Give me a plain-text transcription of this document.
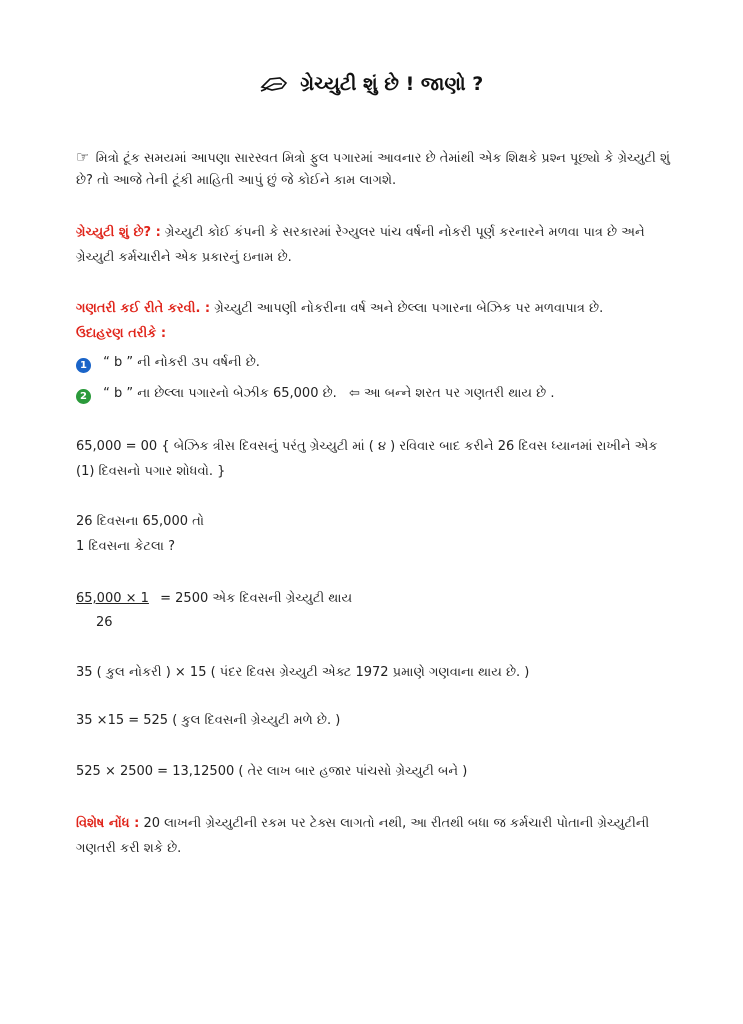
ગ્રેચ્યુટી શું છે ! જાણો ?
☞ મિત્રો ટૂંક સમયમાં આપણા સારસ્વત મિત્રો ફુલ પગારમાં આવનાર છે તેમાંથી એક શિક્ષકે પ્રશ્ન પૂછ્યો કે ગ્રેચ્યુટી શું
છે? તો આજે તેની ટૂંકી માહિતી આપું છું જે કોઈને કામ લાગશે.
ગ્રેચ્યુટી શું છે? : ગ્રેચ્યુટી કોઈ કંપની કે સરકારમાં રેગ્યુલર પાંચ વર્ષની નોકરી પૂર્ણ કરનારને મળવા પાત્ર છે અને
ગ્રેચ્યુટી કર્મચારીને એક પ્રકારનું ઇનામ છે.
ગણતરી કઈ રીતે કરવી. : ગ્રેચ્યુટી આપણી નોકરીના વર્ષ અને છેલ્લા પગારના બેઝિક પર મળવાપાત્ર છે.
ઉદાહરણ તરીકે :
1 “ b ” ની નોકરી ૩૫ વર્ષની છે.
2 “ b ” ના છેલ્લા પગારનો બેઝીક 65,000 છે. ⇦ આ બન્ને શરત પર ગણતરી થાય છે .
65,000 = 00 { બેઝિક ત્રીસ દિવસનું પરંતુ ગ્રેચ્યુટી માં ( ૪ ) રવિવાર બાદ કરીને 26 દિવસ ધ્યાનમાં રાખીને એક
(1) દિવસનો પગાર શોધવો. }
26 દિવસના 65,000 તો
1 દિવસના કેટલા ?
65,000 × 1 = 2500 એક દિવસની ગ્રેચ્યુટી થાય
26
35 ( કુલ નોકરી ) × 15 ( પંદર દિવસ ગ્રેચ્યુટી એક્ટ 1972 પ્રમાણે ગણવાના થાય છે. )
35 ×15 = 525 ( કુલ દિવસની ગ્રેચ્યુટી મળે છે. )
525 × 2500 = 13,12500 ( તેર લાખ બાર હજાર પાંચસો ગ્રેચ્યુટી બને )
વિશેષ નોંધ : 20 લાખની ગ્રેચ્યુટીની રકમ પર ટેક્સ લાગતો નથી, આ રીતથી બધા જ કર્મચારી પોતાની ગ્રેચ્યુટીની
ગણતરી કરી શકે છે.
